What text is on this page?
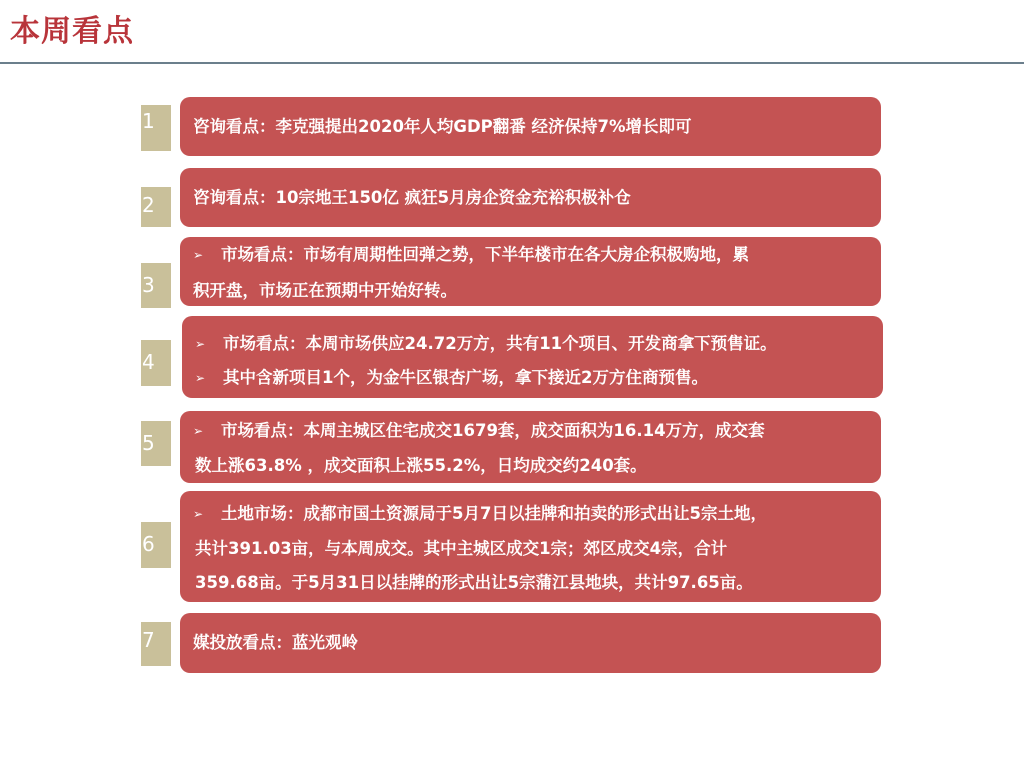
本周看点
1	咨询看点：李克强提出2020年人均GDP翻番 经济保持7%增长即可
2	咨询看点：10宗地王150亿 疯狂5月房企资金充裕积极补仓
3
➢ 市场看点：市场有周期性回弹之势，下半年楼市在各大房企积极购地，累
积开盘，市场正在预期中开始好转。
4
➢ 市场看点：本周市场供应24.72万方，共有11个项目、开发商拿下预售证。
➢ 其中含新项目1个，为金牛区银杏广场，拿下接近2万方住商预售。
5	➢ 市场看点：本周主城区住宅成交1679套，成交面积为16.14万方，成交套
数上涨63.8% ，成交面积上涨55.2%，日均成交约240套。
6
➢ 土地市场：成都市国土资源局于5月7日以挂牌和拍卖的形式出让5宗土地，
共计391.03亩，与本周成交。其中主城区成交1宗；郊区成交4宗，合计
359.68亩。于5月31日以挂牌的形式出让5宗蒲江县地块，共计97.65亩。
7	媒投放看点：蓝光观岭
